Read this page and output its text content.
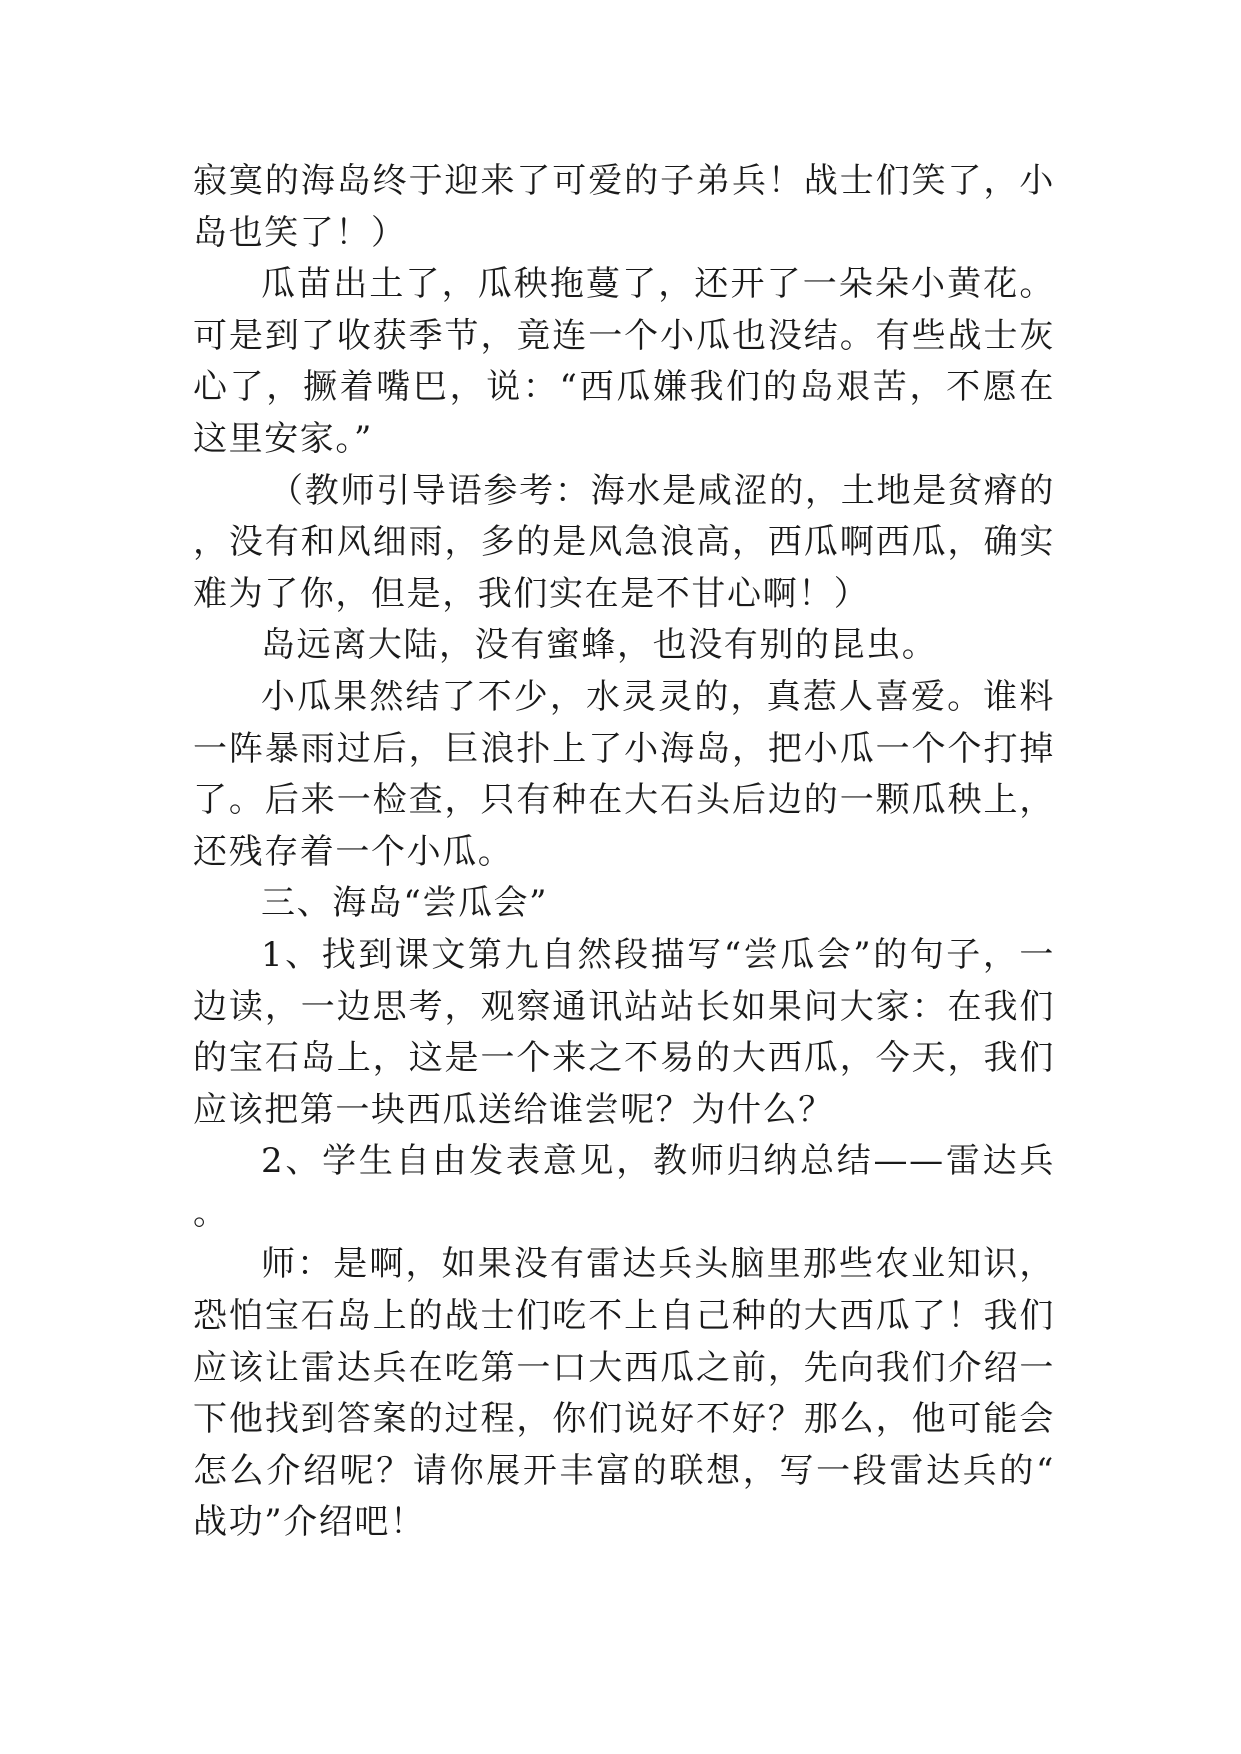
寂寞的海岛终于迎来了可爱的子弟兵！战士们笑了，小岛也笑了！）

瓜苗出土了，瓜秧拖蔓了，还开了一朵朵小黄花。可是到了收获季节，竟连一个小瓜也没结。有些战士灰心了，撅着嘴巴，说：“西瓜嫌我们的岛艰苦，不愿在这里安家。”

（教师引导语参考：海水是咸涩的，土地是贫瘠的，没有和风细雨，多的是风急浪高，西瓜啊西瓜，确实难为了你，但是，我们实在是不甘心啊！）

岛远离大陆，没有蜜蜂，也没有别的昆虫。

小瓜果然结了不少，水灵灵的，真惹人喜爱。谁料一阵暴雨过后，巨浪扑上了小海岛，把小瓜一个个打掉了。后来一检查，只有种在大石头后边的一颗瓜秧上，还残存着一个小瓜。

三、海岛“尝瓜会”

1、找到课文第九自然段描写“尝瓜会”的句子，一边读，一边思考，观察通讯站站长如果问大家：在我们的宝石岛上，这是一个来之不易的大西瓜，今天，我们应该把第一块西瓜送给谁尝呢？为什么？

2、学生自由发表意见，教师归纳总结——雷达兵。

师：是啊，如果没有雷达兵头脑里那些农业知识，恐怕宝石岛上的战士们吃不上自己种的大西瓜了！我们应该让雷达兵在吃第一口大西瓜之前，先向我们介绍一下他找到答案的过程，你们说好不好？那么，他可能会怎么介绍呢？请你展开丰富的联想，写一段雷达兵的“战功”介绍吧！
